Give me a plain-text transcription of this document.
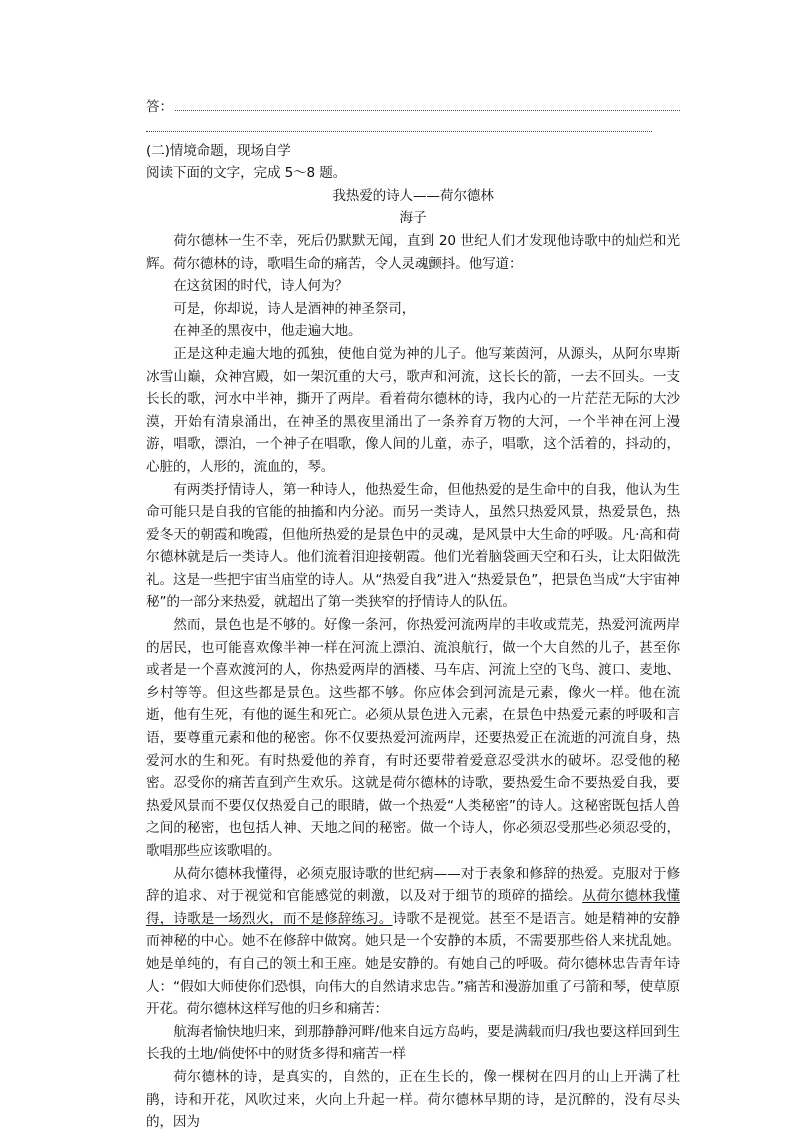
答：
(二)情境命题，现场自学
阅读下面的文字，完成 5～8 题。
我热爱的诗人——荷尔德林
海子
荷尔德林一生不幸，死后仍默默无闻，直到 20 世纪人们才发现他诗歌中的灿烂和光辉。荷尔德林的诗，歌唱生命的痛苦，令人灵魂颤抖。他写道：
在这贫困的时代，诗人何为？
可是，你却说，诗人是酒神的神圣祭司，
在神圣的黑夜中，他走遍大地。
正是这种走遍大地的孤独，使他自觉为神的儿子。他写莱茵河，从源头，从阿尔卑斯冰雪山巅，众神宫殿，如一架沉重的大弓，歌声和河流，这长长的箭，一去不回头。一支长长的歌，河水中半神，撕开了两岸。看着荷尔德林的诗，我内心的一片茫茫无际的大沙漠，开始有清泉涌出，在神圣的黑夜里涌出了一条养育万物的大河，一个半神在河上漫游，唱歌，漂泊，一个神子在唱歌，像人间的儿童，赤子，唱歌，这个活着的，抖动的，心脏的，人形的，流血的，琴。
有两类抒情诗人，第一种诗人，他热爱生命，但他热爱的是生命中的自我，他认为生命可能只是自我的官能的抽搐和内分泌。而另一类诗人，虽然只热爱风景，热爱景色，热爱冬天的朝霞和晚霞，但他所热爱的是景色中的灵魂，是风景中大生命的呼吸。凡·高和荷尔德林就是后一类诗人。他们流着泪迎接朝霞。他们光着脑袋画天空和石头，让太阳做洗礼。这是一些把宇宙当庙堂的诗人。从“热爱自我”进入“热爱景色”，把景色当成“大宇宙神秘”的一部分来热爱，就超出了第一类狭窄的抒情诗人的队伍。
然而，景色也是不够的。好像一条河，你热爱河流两岸的丰收或荒芜，热爱河流两岸的居民，也可能喜欢像半神一样在河流上漂泊、流浪航行，做一个大自然的儿子，甚至你或者是一个喜欢渡河的人，你热爱两岸的酒楼、马车店、河流上空的飞鸟、渡口、麦地、乡村等等。但这些都是景色。这些都不够。你应体会到河流是元素，像火一样。他在流逝，他有生死，有他的诞生和死亡。必须从景色进入元素，在景色中热爱元素的呼吸和言语，要尊重元素和他的秘密。你不仅要热爱河流两岸，还要热爱正在流逝的河流自身，热爱河水的生和死。有时热爱他的养育，有时还要带着爱意忍受洪水的破坏。忍受他的秘密。忍受你的痛苦直到产生欢乐。这就是荷尔德林的诗歌，要热爱生命不要热爱自我，要热爱风景而不要仅仅热爱自己的眼睛，做一个热爱“人类秘密”的诗人。这秘密既包括人兽之间的秘密，也包括人神、天地之间的秘密。做一个诗人，你必须忍受那些必须忍受的，歌唱那些应该歌唱的。
从荷尔德林我懂得，必须克服诗歌的世纪病——对于表象和修辞的热爱。克服对于修辞的追求、对于视觉和官能感觉的刺激，以及对于细节的琐碎的描绘。从荷尔德林我懂得，诗歌是一场烈火，而不是修辞练习。诗歌不是视觉。甚至不是语言。她是精神的安静而神秘的中心。她不在修辞中做窝。她只是一个安静的本质，不需要那些俗人来扰乱她。她是单纯的，有自己的领土和王座。她是安静的。有她自己的呼吸。荷尔德林忠告青年诗人：“假如大师使你们恐惧，向伟大的自然请求忠告。”痛苦和漫游加重了弓箭和琴，使草原开花。荷尔德林这样写他的归乡和痛苦：
航海者愉快地归来，到那静静河畔/他来自远方岛屿，要是满载而归/我也要这样回到生长我的土地/倘使怀中的财货多得和痛苦一样
荷尔德林的诗，是真实的，自然的，正在生长的，像一棵树在四月的山上开满了杜鹃，诗和开花，风吹过来，火向上升起一样。荷尔德林早期的诗，是沉醉的，没有尽头的，因为
